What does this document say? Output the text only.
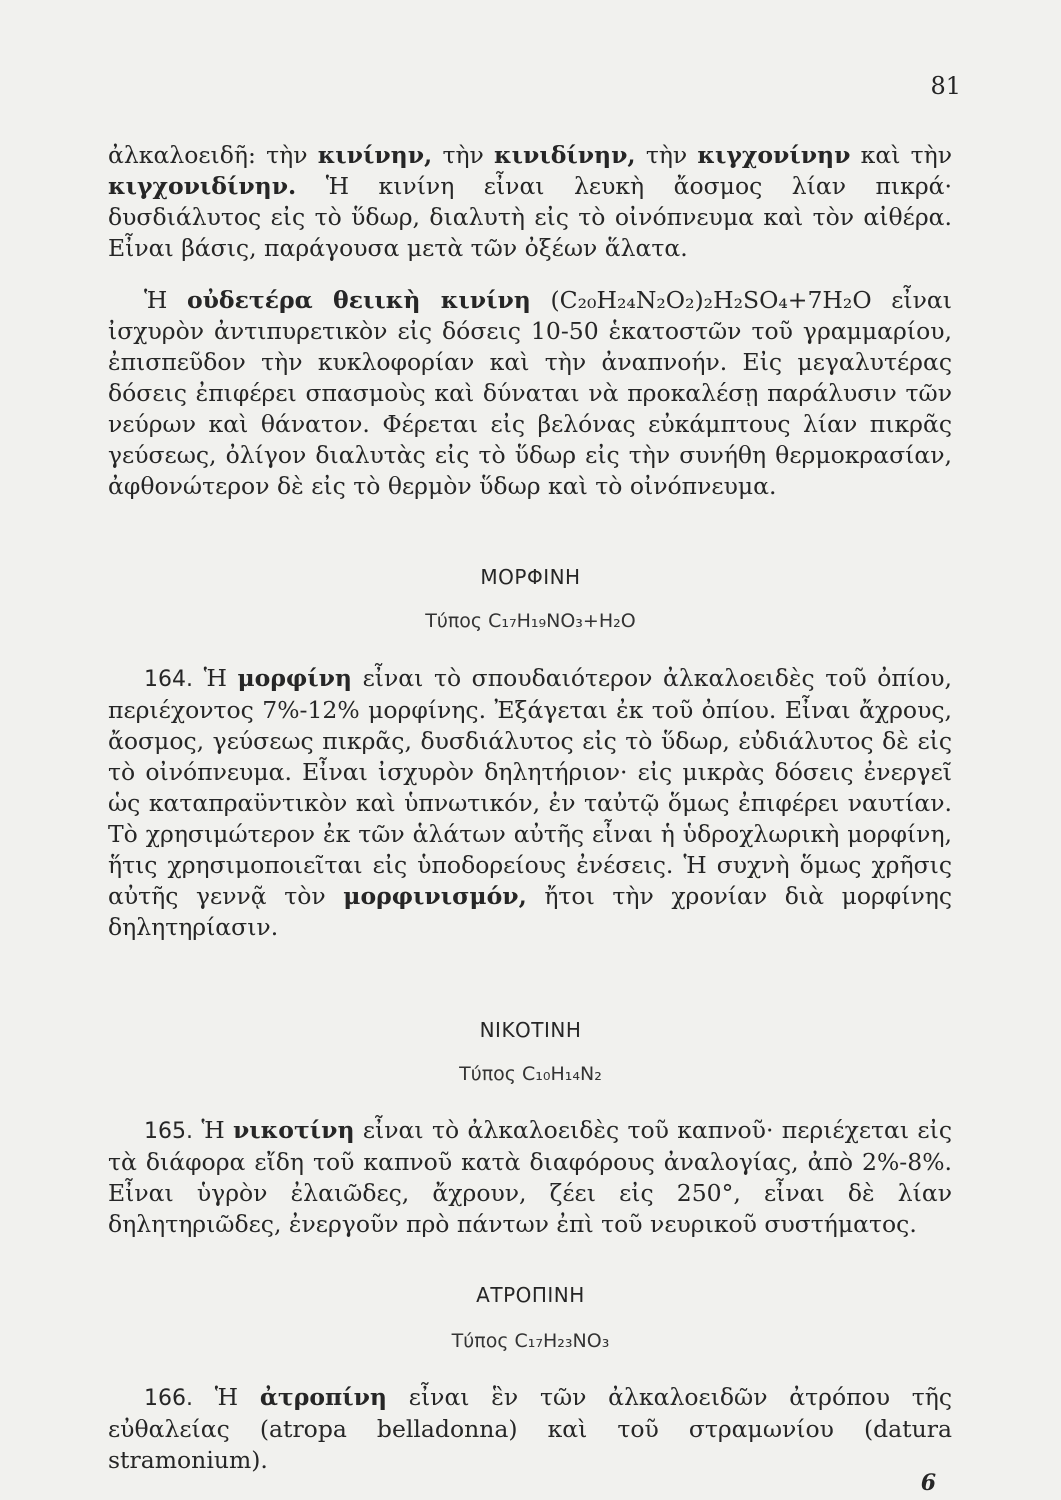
81

ἀλκαλοειδῆ: τὴν κινίνην, τὴν κινιδίνην, τὴν κιγχονίνην καὶ τὴν κιγχονιδίνην. Ἡ κινίνη εἶναι λευκὴ ἄοσμος λίαν πικρά· δυσδιάλυτος εἰς τὸ ὕδωρ, διαλυτὴ εἰς τὸ οἰνόπνευμα καὶ τὸν αἰθέρα. Εἶναι βάσις, παράγουσα μετὰ τῶν ὀξέων ἅλατα.

Ἡ οὐδετέρα θειικὴ κινίνη (C₂₀H₂₄N₂O₂)₂H₂SO₄+7H₂O εἶναι ἰσχυρὸν ἀντιπυρετικὸν εἰς δόσεις 10-50 ἑκατοστῶν τοῦ γραμμαρίου, ἐπισπεῦδον τὴν κυκλοφορίαν καὶ τὴν ἀναπνοήν. Εἰς μεγαλυτέρας δόσεις ἐπιφέρει σπασμοὺς καὶ δύναται νὰ προκαλέσῃ παράλυσιν τῶν νεύρων καὶ θάνατον. Φέρεται εἰς βελόνας εὐκάμπτους λίαν πικρᾶς γεύσεως, ὀλίγον διαλυτὰς εἰς τὸ ὕδωρ εἰς τὴν συνήθη θερμοκρασίαν, ἀφθονώτερον δὲ εἰς τὸ θερμὸν ὕδωρ καὶ τὸ οἰνόπνευμα.

ΜΟΡΦΙΝΗ
Τύπος C₁₇H₁₉NO₃+H₂O

164. Ἡ μορφίνη εἶναι τὸ σπουδαιότερον ἀλκαλοειδὲς τοῦ ὀπίου, περιέχοντος 7%-12% μορφίνης. Ἐξάγεται ἐκ τοῦ ὀπίου. Εἶναι ἄχρους, ἄοσμος, γεύσεως πικρᾶς, δυσδιάλυτος εἰς τὸ ὕδωρ, εὐδιάλυτος δὲ εἰς τὸ οἰνόπνευμα. Εἶναι ἰσχυρὸν δηλητήριον· εἰς μικρὰς δόσεις ἐνεργεῖ ὡς καταπραϋντικὸν καὶ ὑπνωτικόν, ἐν ταὐτῷ ὅμως ἐπιφέρει ναυτίαν. Τὸ χρησιμώτερον ἐκ τῶν ἁλάτων αὐτῆς εἶναι ἡ ὑδροχλωρικὴ μορφίνη, ἥτις χρησιμοποιεῖται εἰς ὑποδορείους ἐνέσεις. Ἡ συχνὴ ὅμως χρῆσις αὐτῆς γεννᾷ τὸν μορφινισμόν, ἤτοι τὴν χρονίαν διὰ μορφίνης δηλητηρίασιν.

ΝΙΚΟΤΙΝΗ
Τύπος C₁₀H₁₄N₂

165. Ἡ νικοτίνη εἶναι τὸ ἀλκαλοειδὲς τοῦ καπνοῦ· περιέχεται εἰς τὰ διάφορα εἴδη τοῦ καπνοῦ κατὰ διαφόρους ἀναλογίας, ἀπὸ 2%-8%. Εἶναι ὑγρὸν ἐλαιῶδες, ἄχρουν, ζέει εἰς 250°, εἶναι δὲ λίαν δηλητηριῶδες, ἐνεργοῦν πρὸ πάντων ἐπὶ τοῦ νευρικοῦ συστήματος.

ΑΤΡΟΠΙΝΗ
Τύπος C₁₇H₂₃NO₃

166. Ἡ ἀτροπίνη εἶναι ἓν τῶν ἀλκαλοειδῶν ἀτρόπου τῆς εὐθαλείας (atropa belladonna) καὶ τοῦ στραμωνίου (datura stramonium).

6
